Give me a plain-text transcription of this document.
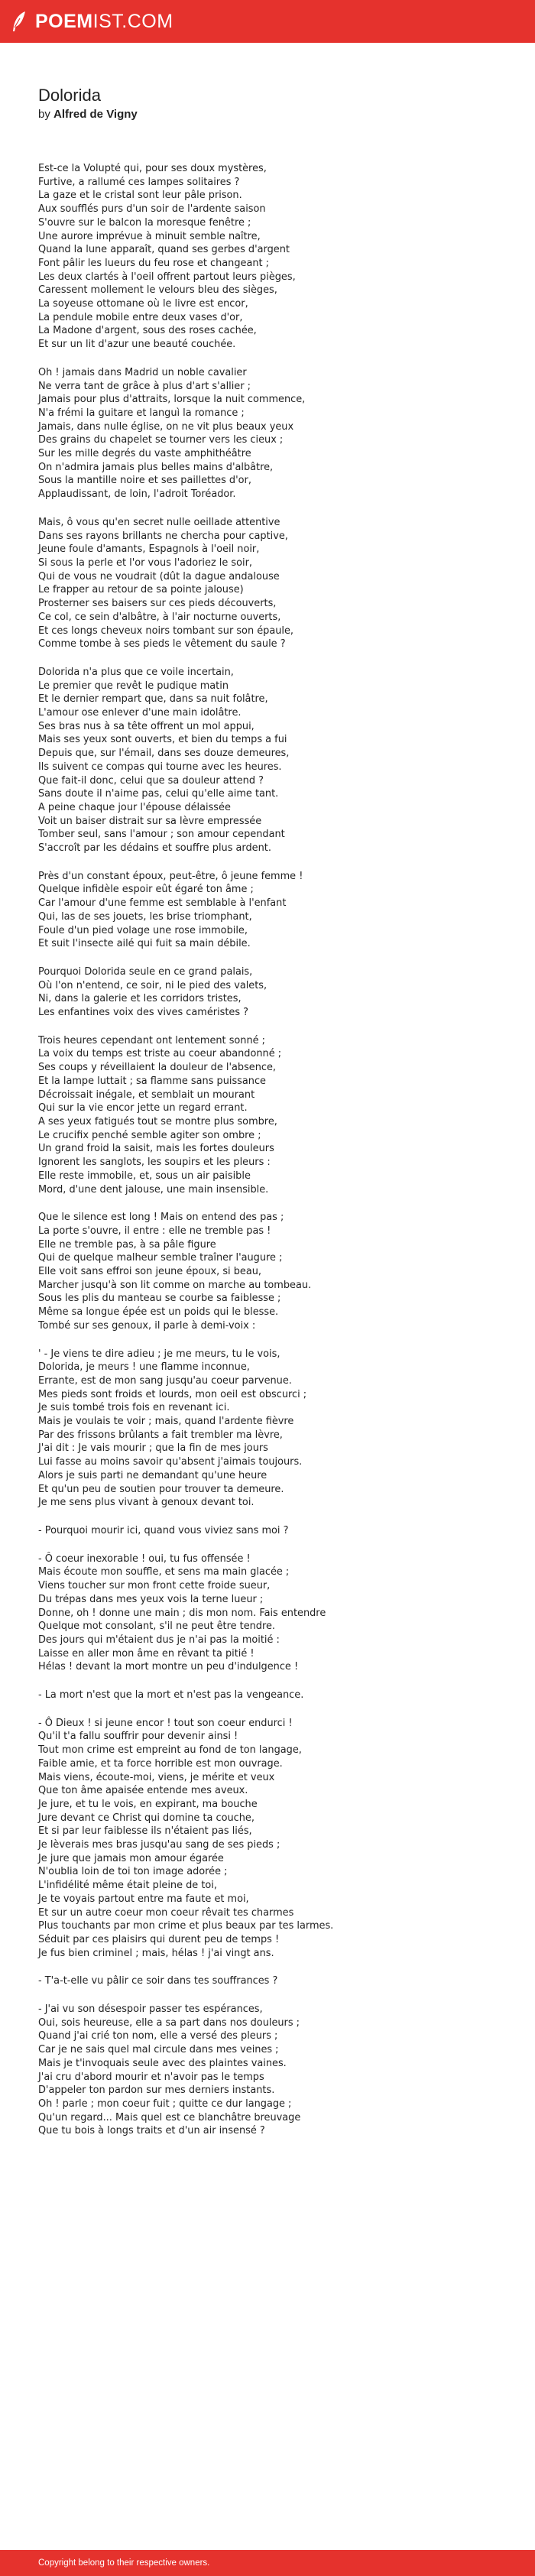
POEM IST.COM
Dolorida
by Alfred de Vigny
Est-ce la Volupté qui, pour ses doux mystères,
Furtive, a rallumé ces lampes solitaires ?
La gaze et le cristal sont leur pâle prison.
Aux soufflés purs d'un soir de l'ardente saison
S'ouvre sur le balcon la moresque fenêtre ;
Une aurore imprévue à minuit semble naître,
Quand la lune apparaît, quand ses gerbes d'argent
Font pâlir les lueurs du feu rose et changeant ;
Les deux clartés à l'oeil offrent partout leurs pièges,
Caressent mollement le velours bleu des sièges,
La soyeuse ottomane où le livre est encor,
La pendule mobile entre deux vases d'or,
La Madone d'argent, sous des roses cachée,
Et sur un lit d'azur une beauté couchée.
Oh ! jamais dans Madrid un noble cavalier
Ne verra tant de grâce à plus d'art s'allier ;
Jamais pour plus d'attraits, lorsque la nuit commence,
N'a frémi la guitare et languì la romance ;
Jamais, dans nulle église, on ne vit plus beaux yeux
Des grains du chapelet se tourner vers les cieux ;
Sur les mille degrés du vaste amphithéâtre
On n'admira jamais plus belles mains d'albâtre,
Sous la mantille noire et ses paillettes d'or,
Applaudissant, de loin, l'adroit Toréador.
Mais, ô vous qu'en secret nulle oeillade attentive
Dans ses rayons brillants ne chercha pour captive,
Jeune foule d'amants, Espagnols à l'oeil noir,
Si sous la perle et l'or vous l'adoriez le soir,
Qui de vous ne voudrait (dût la dague andalouse
Le frapper au retour de sa pointe jalouse)
Prosterner ses baisers sur ces pieds découverts,
Ce col, ce sein d'albâtre, à l'air nocturne ouverts,
Et ces longs cheveux noirs tombant sur son épaule,
Comme tombe à ses pieds le vêtement du saule ?
Dolorida n'a plus que ce voile incertain,
Le premier que revêt le pudique matin
Et le dernier rempart que, dans sa nuit folâtre,
L'amour ose enlever d'une main idolâtre.
Ses bras nus à sa tête offrent un mol appui,
Mais ses yeux sont ouverts, et bien du temps a fui
Depuis que, sur l'émail, dans ses douze demeures,
Ils suivent ce compas qui tourne avec les heures.
Que fait-il donc, celui que sa douleur attend ?
Sans doute il n'aime pas, celui qu'elle aime tant.
A peine chaque jour l'épouse délaissée
Voit un baiser distrait sur sa lèvre empressée
Tomber seul, sans l'amour ; son amour cependant
S'accroît par les dédains et souffre plus ardent.
Près d'un constant époux, peut-être, ô jeune femme !
Quelque infidèle espoir eût égaré ton âme ;
Car l'amour d'une femme est semblable à l'enfant
Qui, las de ses jouets, les brise triomphant,
Foule d'un pied volage une rose immobile,
Et suit l'insecte ailé qui fuit sa main débile.
Pourquoi Dolorida seule en ce grand palais,
Où l'on n'entend, ce soir, ni le pied des valets,
Ni, dans la galerie et les corridors tristes,
Les enfantines voix des vives caméristes ?
Trois heures cependant ont lentement sonné ;
La voix du temps est triste au coeur abandonné ;
Ses coups y réveillaient la douleur de l'absence,
Et la lampe luttait ; sa flamme sans puissance
Décroissait inégale, et semblait un mourant
Qui sur la vie encor jette un regard errant.
A ses yeux fatigués tout se montre plus sombre,
Le crucifix penché semble agiter son ombre ;
Un grand froid la saisit, mais les fortes douleurs
Ignorent les sanglots, les soupirs et les pleurs :
Elle reste immobile, et, sous un air paisible
Mord, d'une dent jalouse, une main insensible.
Que le silence est long ! Mais on entend des pas ;
La porte s'ouvre, il entre : elle ne tremble pas !
Elle ne tremble pas, à sa pâle figure
Qui de quelque malheur semble traîner l'augure ;
Elle voit sans effroi son jeune époux, si beau,
Marcher jusqu'à son lit comme on marche au tombeau.
Sous les plis du manteau se courbe sa faiblesse ;
Même sa longue épée est un poids qui le blesse.
Tombé sur ses genoux, il parle à demi-voix :
' - Je viens te dire adieu ; je me meurs, tu le vois,
Dolorida, je meurs ! une flamme inconnue,
Errante, est de mon sang jusqu'au coeur parvenue.
Mes pieds sont froids et lourds, mon oeil est obscurci ;
Je suis tombé trois fois en revenant ici.
Mais je voulais te voir ; mais, quand l'ardente fièvre
Par des frissons brûlants a fait trembler ma lèvre,
J'ai dit : Je vais mourir ; que la fin de mes jours
Lui fasse au moins savoir qu'absent j'aimais toujours.
Alors je suis parti ne demandant qu'une heure
Et qu'un peu de soutien pour trouver ta demeure.
Je me sens plus vivant à genoux devant toi.
- Pourquoi mourir ici, quand vous viviez sans moi ?
- Ô coeur inexorable ! oui, tu fus offensée !
Mais écoute mon souffle, et sens ma main glacée ;
Viens toucher sur mon front cette froide sueur,
Du trépas dans mes yeux vois la terne lueur ;
Donne, oh ! donne une main ; dis mon nom. Fais entendre
Quelque mot consolant, s'il ne peut être tendre.
Des jours qui m'étaient dus je n'ai pas la moitié :
Laisse en aller mon âme en rêvant ta pitié !
Hélas ! devant la mort montre un peu d'indulgence !
- La mort n'est que la mort et n'est pas la vengeance.
- Ô Dieux ! si jeune encor ! tout son coeur endurci !
Qu'il t'a fallu souffrir pour devenir ainsi !
Tout mon crime est empreint au fond de ton langage,
Faible amie, et ta force horrible est mon ouvrage.
Mais viens, écoute-moi, viens, je mérite et veux
Que ton âme apaisée entende mes aveux.
Je jure, et tu le vois, en expirant, ma bouche
Jure devant ce Christ qui domine ta couche,
Et si par leur faiblesse ils n'étaient pas liés,
Je lèverais mes bras jusqu'au sang de ses pieds ;
Je jure que jamais mon amour égarée
N'oublia loin de toi ton image adorée ;
L'infidélité même était pleine de toi,
Je te voyais partout entre ma faute et moi,
Et sur un autre coeur mon coeur rêvait tes charmes
Plus touchants par mon crime et plus beaux par tes larmes.
Séduit par ces plaisirs qui durent peu de temps !
Je fus bien criminel ; mais, hélas ! j'ai vingt ans.
- T'a-t-elle vu pâlir ce soir dans tes souffrances ?
- J'ai vu son désespoir passer tes espérances,
Oui, sois heureuse, elle a sa part dans nos douleurs ;
Quand j'ai crié ton nom, elle a versé des pleurs ;
Car je ne sais quel mal circule dans mes veines ;
Mais je t'invoquais seule avec des plaintes vaines.
J'ai cru d'abord mourir et n'avoir pas le temps
D'appeler ton pardon sur mes derniers instants.
Oh ! parle ; mon coeur fuit ; quitte ce dur langage ;
Qu'un regard... Mais quel est ce blanchâtre breuvage
Que tu bois à longs traits et d'un air insensé ?
Copyright belong to their respective owners.
